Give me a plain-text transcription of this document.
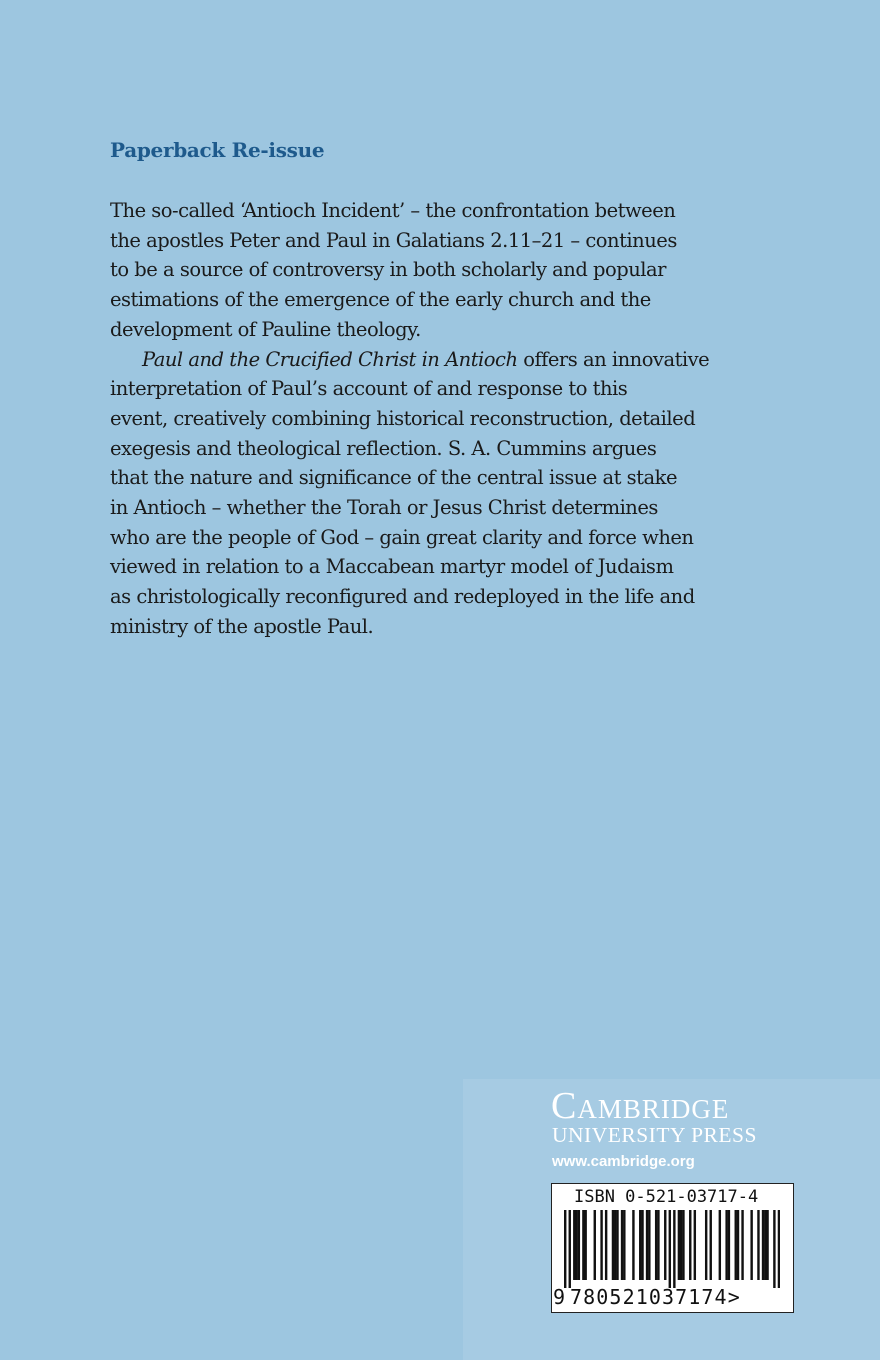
Paperback Re-issue
The so-called ‘Antioch Incident’ – the confrontation between
the apostles Peter and Paul in Galatians 2.11–21 – continues
to be a source of controversy in both scholarly and popular
estimations of the emergence of the early church and the
development of Pauline theology.
Paul and the Crucified Christ in Antioch offers an innovative
interpretation of Paul’s account of and response to this
event, creatively combining historical reconstruction, detailed
exegesis and theological reflection. S. A. Cummins argues
that the nature and significance of the central issue at stake
in Antioch – whether the Torah or Jesus Christ determines
who are the people of God – gain great clarity and force when
viewed in relation to a Maccabean martyr model of Judaism
as christologically reconfigured and redeployed in the life and
ministry of the apostle Paul.
Cambridge
UNIVERSITY PRESS
www.cambridge.org
ISBN 0-521-03717-4
9 780521037174>
